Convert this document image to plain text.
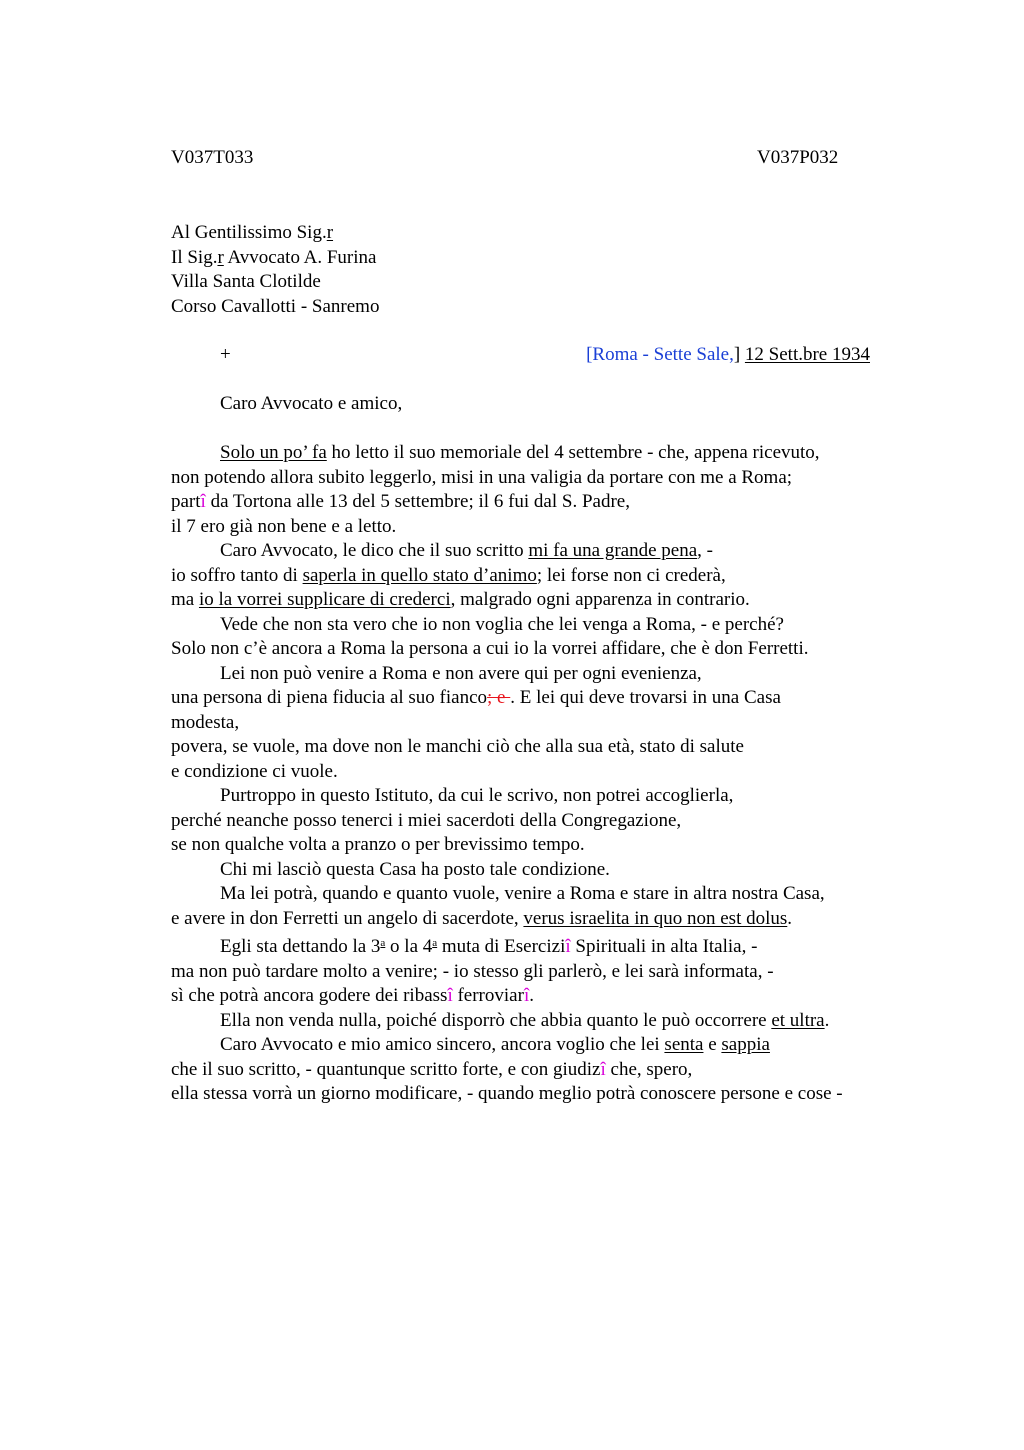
V037T033	V037P032
Al Gentilissimo Sig.r
Il Sig.r Avvocato A. Furina
Villa Santa Clotilde
Corso Cavallotti - Sanremo
+	[Roma - Sette Sale,] 12 Sett.bre 1934
Caro Avvocato e amico,
Solo un po’ fa ho letto il suo memoriale del 4 settembre - che, appena ricevuto,
non potendo allora subito leggerlo, misi in una valigia da portare con me a Roma;
partî da Tortona alle 13 del 5 settembre; il 6 fui dal S. Padre,
il 7 ero già non bene e a letto.
Caro Avvocato, le dico che il suo scritto mi fa una grande pena, -
io soffro tanto di saperla in quello stato d’animo; lei forse non ci crederà,
ma io la vorrei supplicare di crederci, malgrado ogni apparenza in contrario.
Vede che non sta vero che io non voglia che lei venga a Roma, - e perché?
Solo non c’è ancora a Roma la persona a cui io la vorrei affidare, che è don Ferretti.
Lei non può venire a Roma e non avere qui per ogni evenienza,
una persona di piena fiducia al suo fianco; e . E lei qui deve trovarsi in una Casa
modesta,
povera, se vuole, ma dove non le manchi ciò che alla sua età, stato di salute
e condizione ci vuole.
Purtroppo in questo Istituto, da cui le scrivo, non potrei accoglierla,
perché neanche posso tenerci i miei sacerdoti della Congregazione,
se non qualche volta a pranzo o per brevissimo tempo.
Chi mi lasciò questa Casa ha posto tale condizione.
Ma lei potrà, quando e quanto vuole, venire a Roma e stare in altra nostra Casa,
e avere in don Ferretti un angelo di sacerdote, verus israelita in quo non est dolus.
Egli sta dettando la 3$^a$ o la 4$^a$ muta di Eserciziî Spirituali in alta Italia, -
ma non può tardare molto a venire; - io stesso gli parlerò, e lei sarà informata, -
sì che potrà ancora godere dei ribassî ferroviarî.
Ella non venda nulla, poiché disporrò che abbia quanto le può occorrere et ultra.
Caro Avvocato e mio amico sincero, ancora voglio che lei senta e sappia
che il suo scritto, - quantunque scritto forte, e con giudizî che, spero,
ella stessa vorrà un giorno modificare, - quando meglio potrà conoscere persone e cose -
